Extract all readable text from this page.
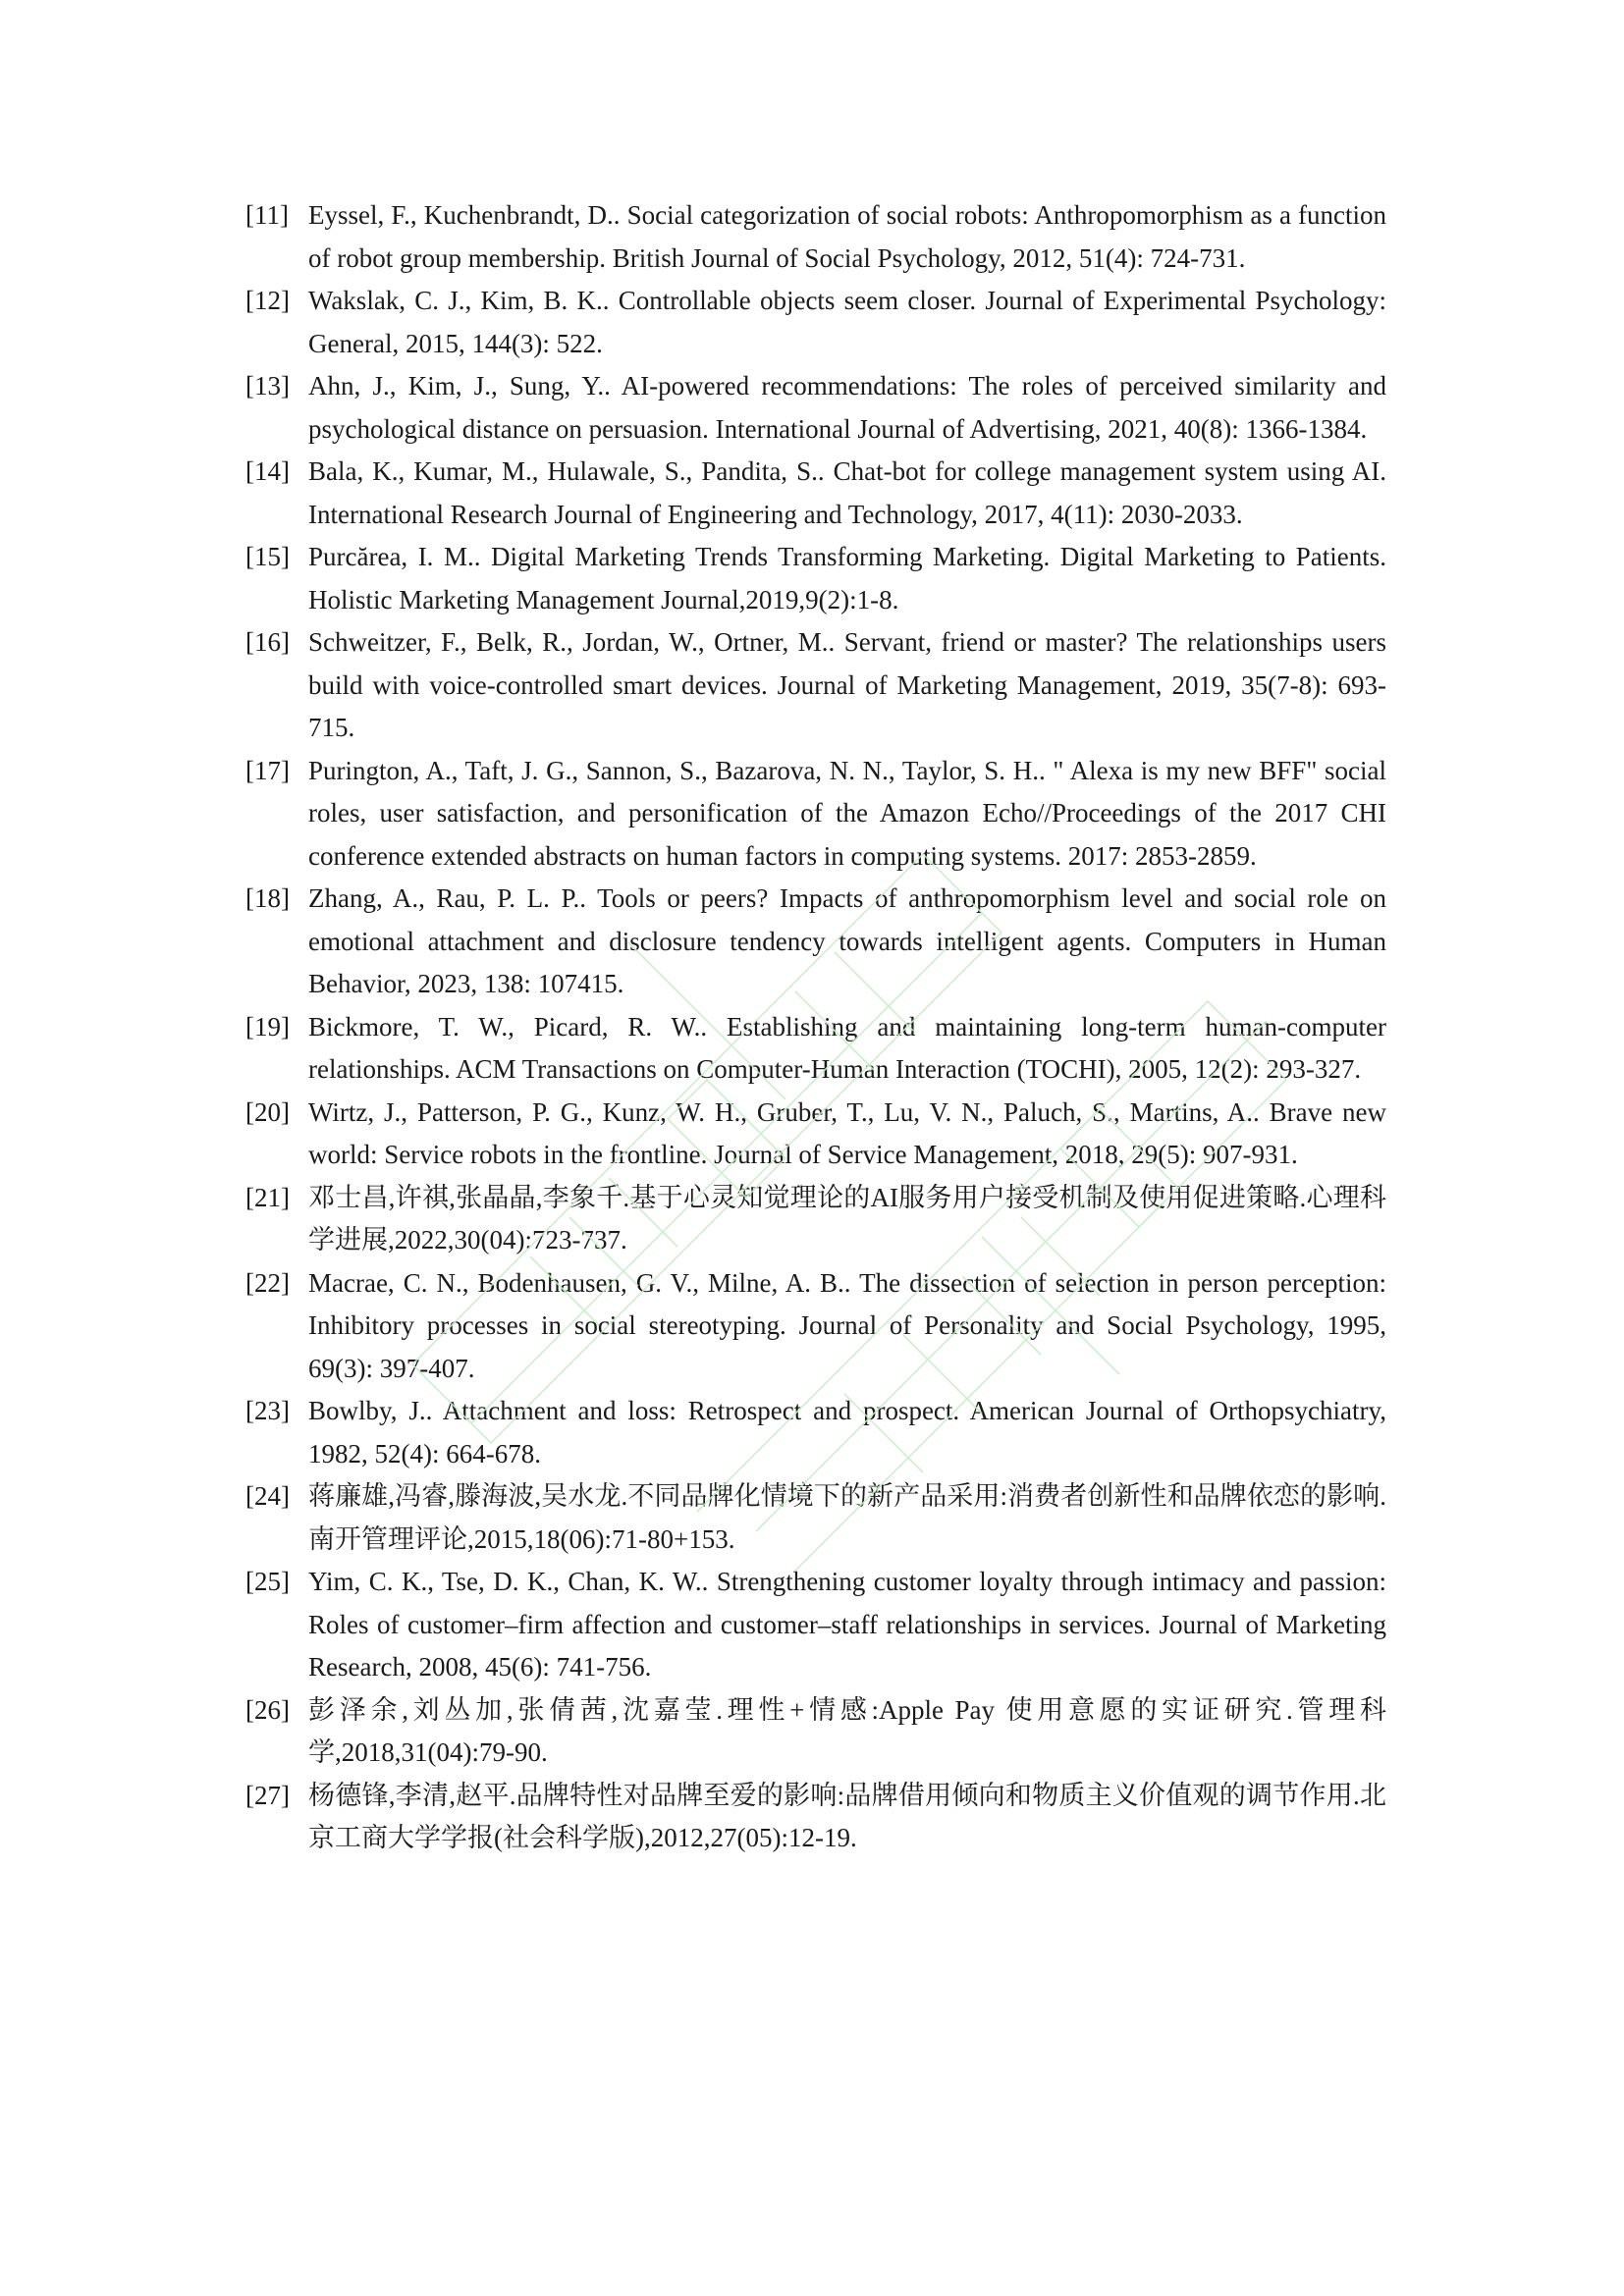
[11] Eyssel, F., Kuchenbrandt, D.. Social categorization of social robots: Anthropomorphism as a function of robot group membership. British Journal of Social Psychology, 2012, 51(4): 724-731.
[12] Wakslak, C. J., Kim, B. K.. Controllable objects seem closer. Journal of Experimental Psychology: General, 2015, 144(3): 522.
[13] Ahn, J., Kim, J., Sung, Y.. AI-powered recommendations: The roles of perceived similarity and psychological distance on persuasion. International Journal of Advertising, 2021, 40(8): 1366-1384.
[14] Bala, K., Kumar, M., Hulawale, S., Pandita, S.. Chat-bot for college management system using AI. International Research Journal of Engineering and Technology, 2017, 4(11): 2030-2033.
[15] Purcărea, I. M.. Digital Marketing Trends Transforming Marketing. Digital Marketing to Patients. Holistic Marketing Management Journal,2019,9(2):1-8.
[16] Schweitzer, F., Belk, R., Jordan, W., Ortner, M.. Servant, friend or master? The relationships users build with voice-controlled smart devices. Journal of Marketing Management, 2019, 35(7-8): 693-715.
[17] Purington, A., Taft, J. G., Sannon, S., Bazarova, N. N., Taylor, S. H.. " Alexa is my new BFF" social roles, user satisfaction, and personification of the Amazon Echo//Proceedings of the 2017 CHI conference extended abstracts on human factors in computing systems. 2017: 2853-2859.
[18] Zhang, A., Rau, P. L. P.. Tools or peers? Impacts of anthropomorphism level and social role on emotional attachment and disclosure tendency towards intelligent agents. Computers in Human Behavior, 2023, 138: 107415.
[19] Bickmore, T. W., Picard, R. W.. Establishing and maintaining long-term human-computer relationships. ACM Transactions on Computer-Human Interaction (TOCHI), 2005, 12(2): 293-327.
[20] Wirtz, J., Patterson, P. G., Kunz, W. H., Gruber, T., Lu, V. N., Paluch, S., Martins, A.. Brave new world: Service robots in the frontline. Journal of Service Management, 2018, 29(5): 907-931.
[21] 邓士昌,许祺,张晶晶,李象千.基于心灵知觉理论的AI服务用户接受机制及使用促进策略.心理科学进展,2022,30(04):723-737.
[22] Macrae, C. N., Bodenhausen, G. V., Milne, A. B.. The dissection of selection in person perception: Inhibitory processes in social stereotyping. Journal of Personality and Social Psychology, 1995, 69(3): 397-407.
[23] Bowlby, J.. Attachment and loss: Retrospect and prospect. American Journal of Orthopsychiatry, 1982, 52(4): 664-678.
[24] 蒋廉雄,冯睿,滕海波,吴水龙.不同品牌化情境下的新产品采用:消费者创新性和品牌依恋的影响.南开管理评论,2015,18(06):71-80+153.
[25] Yim, C. K., Tse, D. K., Chan, K. W.. Strengthening customer loyalty through intimacy and passion: Roles of customer–firm affection and customer–staff relationships in services. Journal of Marketing Research, 2008, 45(6): 741-756.
[26] 彭泽余,刘丛加,张倩茜,沈嘉莹.理性+情感:Apple Pay 使用意愿的实证研究.管理科学,2018,31(04):79-90.
[27] 杨德锋,李清,赵平.品牌特性对品牌至爱的影响:品牌借用倾向和物质主义价值观的调节作用.北京工商大学学报(社会科学版),2012,27(05):12-19.
